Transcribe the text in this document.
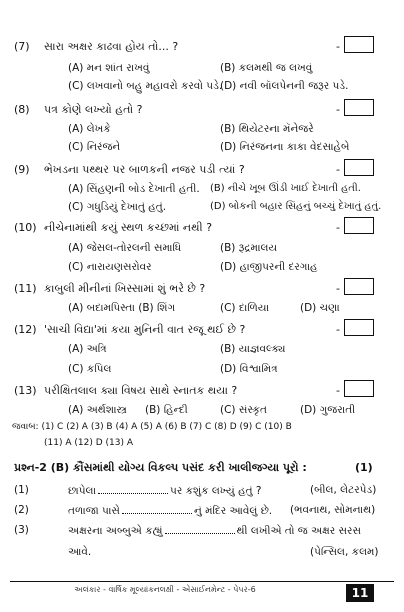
(7) સારા અક્ષર કાઢવા હોય તો... ?	-
(A) મન શાંત રાખવું	(B) કલમથી જ લખવું
(C) લખવાનો બહુ મહાવરો કરવો પડે.
(D) નવી બૉલપેનની જરૂર પડે.
(8) પત્ર કોણે લખ્યો હતો ?	-
(A) લેખકે	(B) થિયેટરના મૅનેજરે
(C) નિરંજને	(D) નિરંજનના કાકા વેદસાહેબે
(9) ભેખડના પથ્થર પર બાળકની નજર પડી ત્યાં ?	-
(A) સિંહણની બોડ દેખાતી હતી. (B) નીચે ખૂબ ઊંડી ખાઈ દેખાતી હતી.
(C) ગધુડિયું દેખાતું હતું.	(D) બોકની બહાર સિંહનું બચ્ચું દેખાતું હતું.
(10) નીચેનામાંથી કયું સ્થળ કચ્છમાં નથી ?	-
(A) જેસલ-તોરલની સમાધિ	(B) રૂદ્રમાલય
(C) નારાયણસરોવર	(D) હાજીપરની દરગાહ
(11) કાબુલી મીનીનાં ખિસ્સામાં શું ભરે છે ?	-
(A) બદામપિસ્તા (B) શિંગ	(C) દાળિયા	(D) ચણા
(12) 'સાચી વિદ્યા'માં કયા મુનિની વાત રજૂ થઈ છે ?	-
(A) અત્રિ	(B) યાજ્ઞવલ્ક્ય
(C) કપિલ	(D) વિશ્વામિત્ર
(13) પરીક્ષિતલાલ ક્યા વિષય સાથે સ્નાતક થયા ?	-
(A) અર્થશાસ્ત્ર (B) હિન્દી	(C) સંસ્કૃત	(D) ગુજરાતી
જવાબ: (1) C (2) A (3) B (4) A (5) A (6) B (7) C (8) D (9) C (10) B
(11) A (12) D (13) A
પ્રશ્ન-2 (B) કૌંસમાંથી યોગ્ય વિકલ્પ પસંદ કરી ખાલીજગ્યા પૂરો :	(1)
(1)	છાપેલા	પર કશુંક લખ્યું હતું ?	(બીલ, લેટરપેડ)
(2)	તળાજા પાસે	નું મંદિર આવેલું છે. (ભવનાથ, સોમનાથ)
(3)	અક્ષરના અબ્બુએ કહ્યું	થી લખીએ તો જ અક્ષર સરસ
આવે.	(પેન્સિલ, કલમ)
અલંકાર - વાર્ષિક મૂલ્યાંકનલક્ષી - એસાઈનમેન્ટ - પેપર-6	11
